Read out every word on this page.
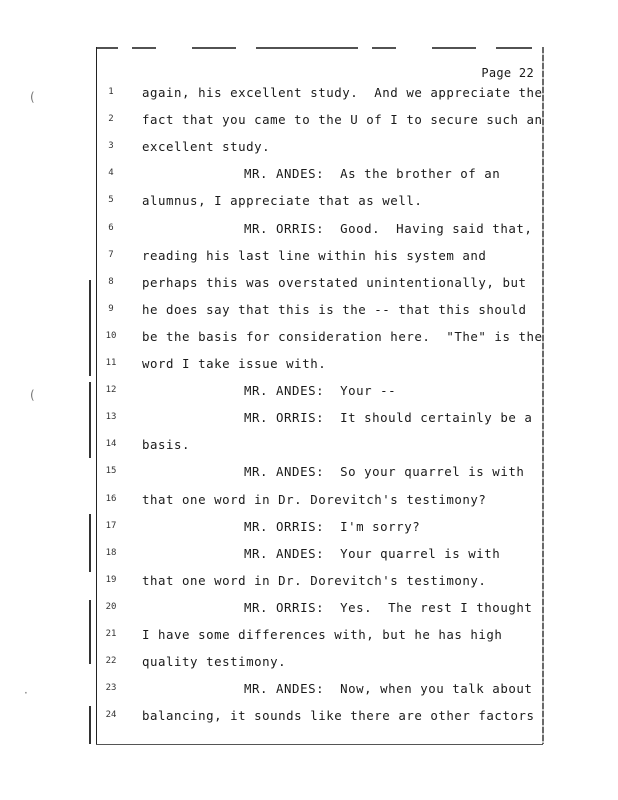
Page 22
(
(
·
1	again, his excellent study.  And we appreciate the
2	fact that you came to the U of I to secure such an
3	excellent study.
4	MR. ANDES:  As the brother of an
5	alumnus, I appreciate that as well.
6	MR. ORRIS:  Good.  Having said that,
7	reading his last line within his system and
8	perhaps this was overstated unintentionally, but
9	he does say that this is the -- that this should
10	be the basis for consideration here.  "The" is the
11	word I take issue with.
12	MR. ANDES:  Your --
13	MR. ORRIS:  It should certainly be a
14	basis.
15	MR. ANDES:  So your quarrel is with
16	that one word in Dr. Dorevitch's testimony?
17	MR. ORRIS:  I'm sorry?
18	MR. ANDES:  Your quarrel is with
19	that one word in Dr. Dorevitch's testimony.
20	MR. ORRIS:  Yes.  The rest I thought
21	I have some differences with, but he has high
22	quality testimony.
23	MR. ANDES:  Now, when you talk about
24	balancing, it sounds like there are other factors
